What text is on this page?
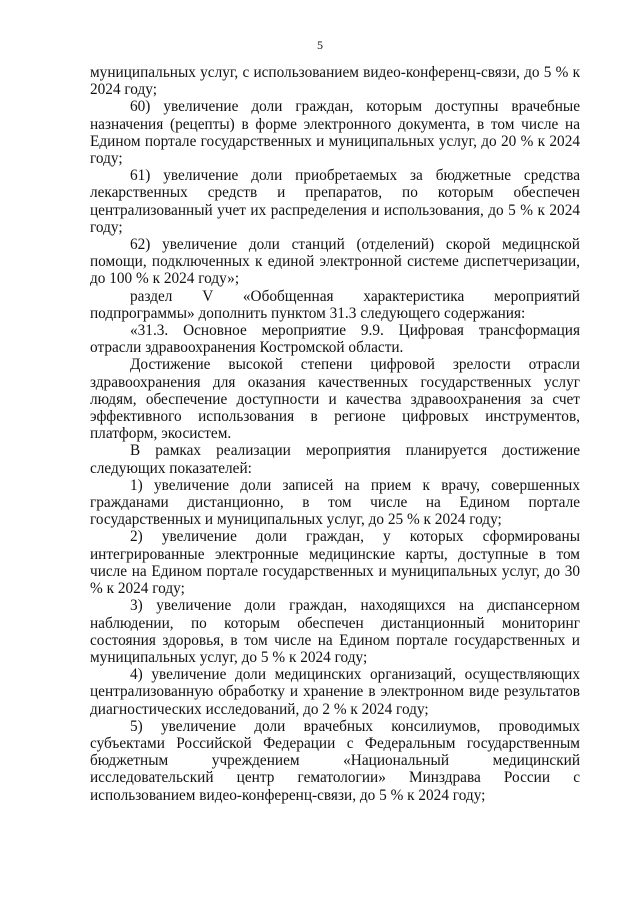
5

муниципальных услуг, с использованием видео-конференц-связи, до 5 % к 2024 году;

60) увеличение доли граждан, которым доступны врачебные назначения (рецепты) в форме электронного документа, в том числе на Едином портале государственных и муниципальных услуг, до 20 % к 2024 году;

61) увеличение доли приобретаемых за бюджетные средства лекарственных средств и препаратов, по которым обеспечен централизованный учет их распределения и использования, до 5 % к 2024 году;

62) увеличение доли станций (отделений) скорой медицнской помощи, подключенных к единой электронной системе диспетчеризации, до 100 % к 2024 году»;

раздел V «Обобщенная характеристика мероприятий подпрограммы» дополнить пунктом 31.3 следующего содержания:

«31.3. Основное мероприятие 9.9. Цифровая трансформация отрасли здравоохранения Костромской области.

Достижение высокой степени цифровой зрелости отрасли здравоохранения для оказания качественных государственных услуг людям, обеспечение доступности и качества здравоохранения за счет эффективного использования в регионе цифровых инструментов, платформ, экосистем.

В рамках реализации мероприятия планируется достижение следующих показателей:

1) увеличение доли записей на прием к врачу, совершенных гражданами дистанционно, в том числе на Едином портале государственных и муниципальных услуг, до 25 % к 2024 году;

2) увеличение доли граждан, у которых сформированы интегрированные электронные медицинские карты, доступные в том числе на Едином портале государственных и муниципальных услуг, до 30 % к 2024 году;

3) увеличение доли граждан, находящихся на диспансерном наблюдении, по которым обеспечен дистанционный мониторинг состояния здоровья, в том числе на Едином портале государственных и муниципальных услуг, до 5 % к 2024 году;

4) увеличение доли медицинских организаций, осуществляющих централизованную обработку и хранение в электронном виде результатов диагностических исследований, до 2 % к 2024 году;

5) увеличение доли врачебных консилиумов, проводимых субъектами Российской Федерации с Федеральным государственным бюджетным учреждением «Национальный медицинский исследовательский центр гематологии» Минздрава России с использованием видео-конференц-связи, до 5 % к 2024 году;
